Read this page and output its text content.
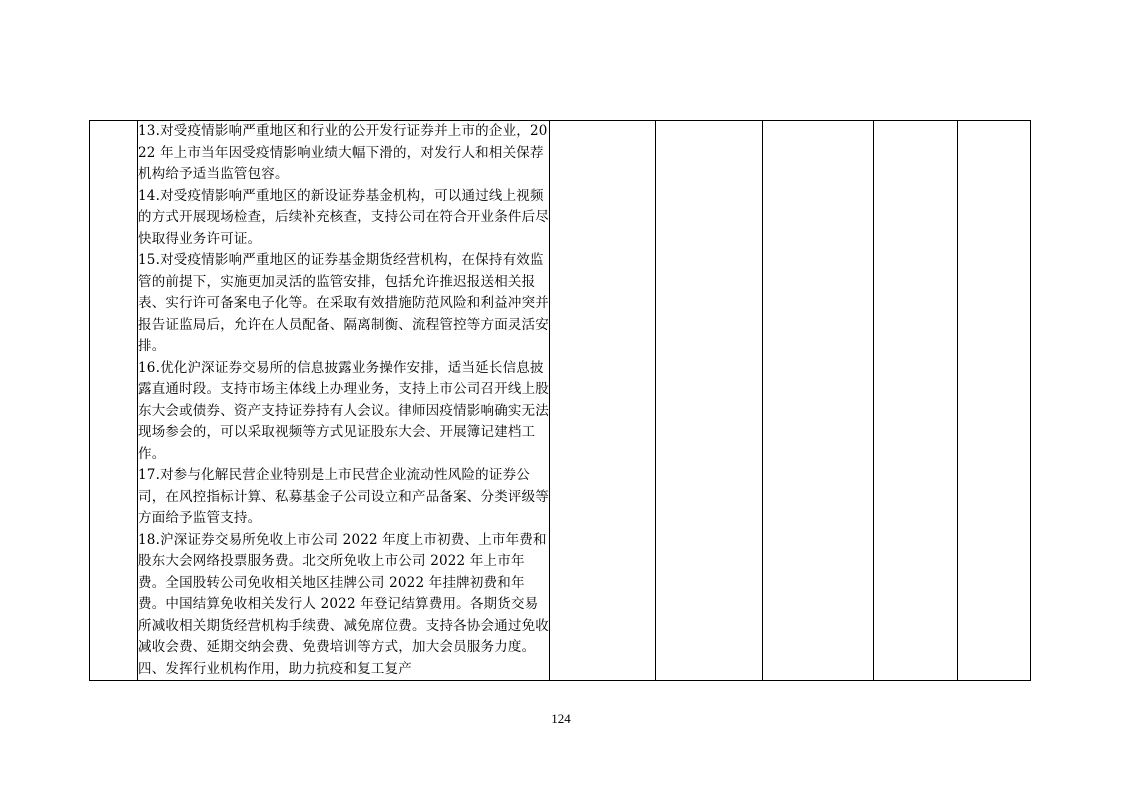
13.对受疫情影响严重地区和行业的公开发行证券并上市的企业，2022 年上市当年因受疫情影响业绩大幅下滑的，对发行人和相关保荐机构给予适当监管包容。

14.对受疫情影响严重地区的新设证券基金机构，可以通过线上视频的方式开展现场检查，后续补充核查，支持公司在符合开业条件后尽快取得业务许可证。

15.对受疫情影响严重地区的证券基金期货经营机构，在保持有效监管的前提下，实施更加灵活的监管安排，包括允许推迟报送相关报表、实行许可备案电子化等。在采取有效措施防范风险和利益冲突并报告证监局后，允许在人员配备、隔离制衡、流程管控等方面灵活安排。

16.优化沪深证券交易所的信息披露业务操作安排，适当延长信息披露直通时段。支持市场主体线上办理业务，支持上市公司召开线上股东大会或债券、资产支持证券持有人会议。律师因疫情影响确实无法现场参会的，可以采取视频等方式见证股东大会、开展簿记建档工作。

17.对参与化解民营企业特别是上市民营企业流动性风险的证券公司，在风控指标计算、私募基金子公司设立和产品备案、分类评级等方面给予监管支持。

18.沪深证券交易所免收上市公司 2022 年度上市初费、上市年费和股东大会网络投票服务费。北交所免收上市公司 2022 年上市年费。全国股转公司免收相关地区挂牌公司 2022 年挂牌初费和年费。中国结算免收相关发行人 2022 年登记结算费用。各期货交易所减收相关期货经营机构手续费、减免席位费。支持各协会通过免收减收会费、延期交纳会费、免费培训等方式，加大会员服务力度。

四、发挥行业机构作用，助力抗疫和复工复产

124
